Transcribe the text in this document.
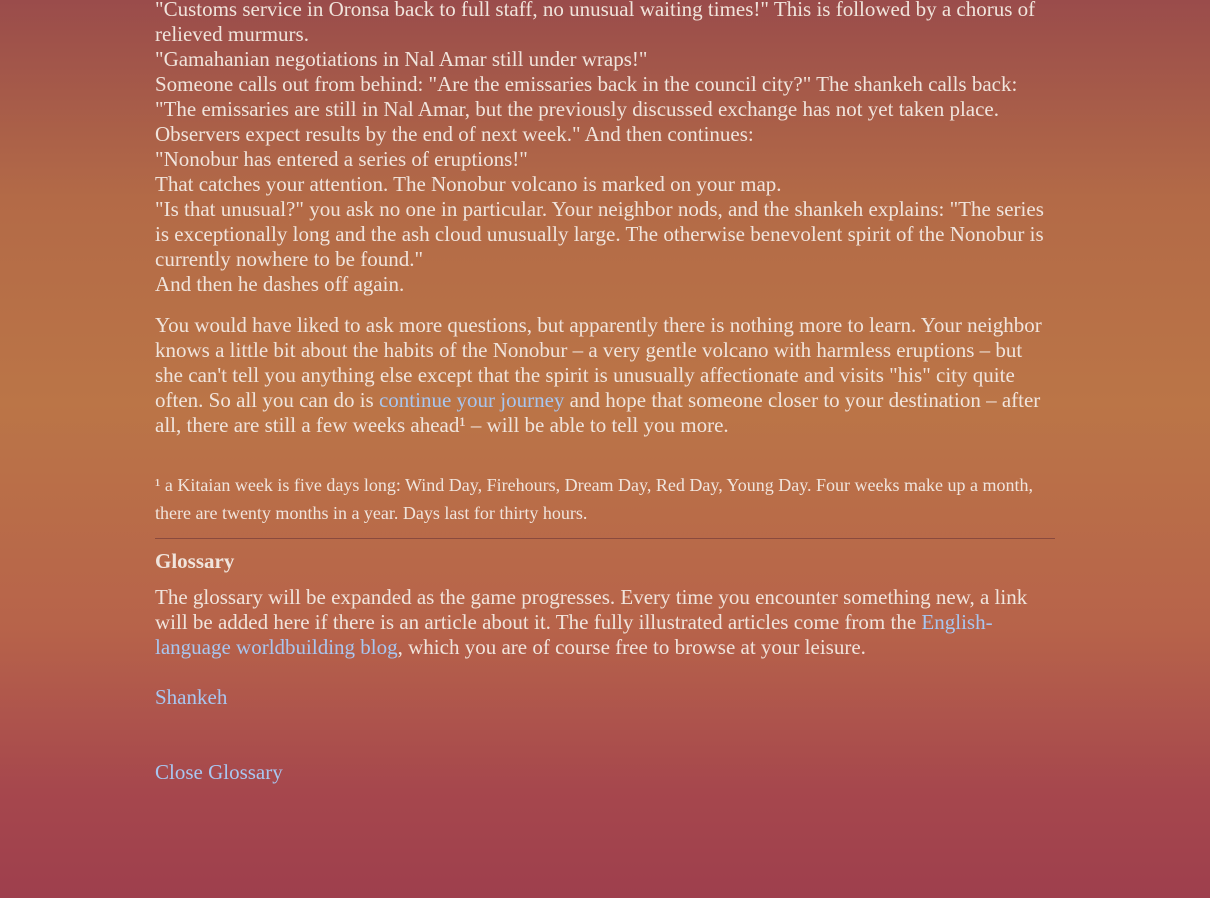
"Customs service in Oronsa back to full staff, no unusual waiting times!" This is followed by a chorus of relieved murmurs.
"Gamahanian negotiations in Nal Amar still under wraps!"
Someone calls out from behind: "Are the emissaries back in the council city?" The shankeh calls back: "The emissaries are still in Nal Amar, but the previously discussed exchange has not yet taken place. Observers expect results by the end of next week." And then continues:
"Nonobur has entered a series of eruptions!"
That catches your attention. The Nonobur volcano is marked on your map.
"Is that unusual?" you ask no one in particular. Your neighbor nods, and the shankeh explains: "The series is exceptionally long and the ash cloud unusually large. The otherwise benevolent spirit of the Nonobur is currently nowhere to be found."
And then he dashes off again.

You would have liked to ask more questions, but apparently there is nothing more to learn. Your neighbor knows a little bit about the habits of the Nonobur – a very gentle volcano with harmless eruptions – but she can't tell you anything else except that the spirit is unusually affectionate and visits "his" city quite often. So all you can do is continue your journey and hope that someone closer to your destination – after all, there are still a few weeks ahead¹ – will be able to tell you more.

¹ a Kitaian week is five days long: Wind Day, Firehours, Dream Day, Red Day, Young Day. Four weeks make up a month, there are twenty months in a year. Days last for thirty hours.
Glossary
The glossary will be expanded as the game progresses. Every time you encounter something new, a link will be added here if there is an article about it. The fully illustrated articles come from the English-language worldbuilding blog, which you are of course free to browse at your leisure.
Shankeh
Close Glossary
